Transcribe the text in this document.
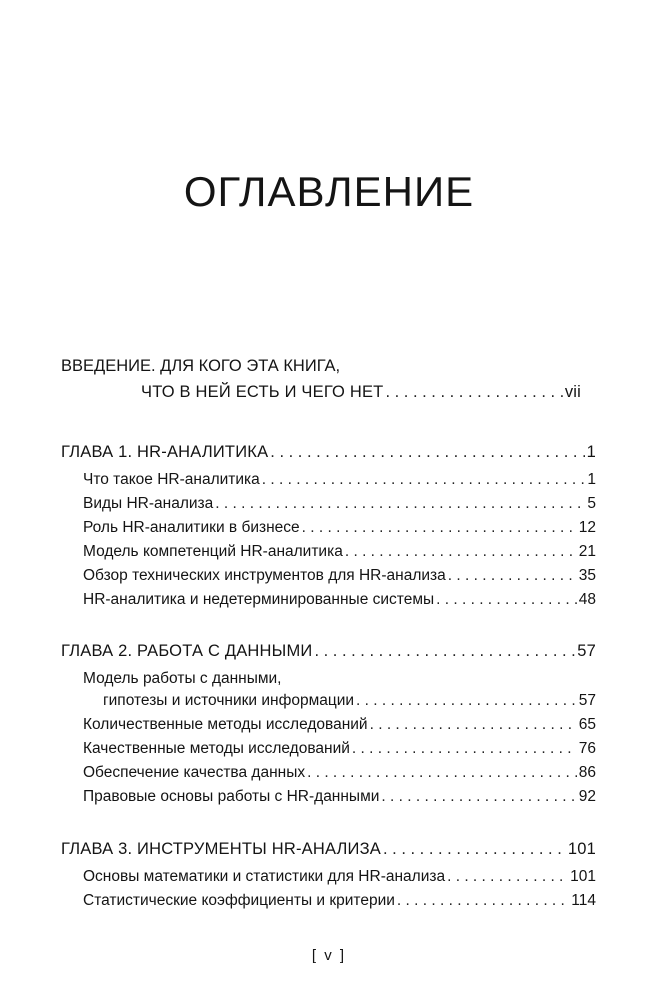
ОГЛАВЛЕНИЕ
ВВЕДЕНИЕ. ДЛЯ КОГО ЭТА КНИГА,
ЧТО В НЕЙ ЕСТЬ И ЧЕГО НЕТ . . .	vii
ГЛАВА 1. HR-АНАЛИТИКА . . .	1
Что такое HR-аналитика . . .	1
Виды HR-анализа . . .	5
Роль HR-аналитики в бизнесе . . .	12
Модель компетенций HR-аналитика . . .	21
Обзор технических инструментов для HR-анализа . . .	35
HR-аналитика и недетерминированные системы . . .	48
ГЛАВА 2. РАБОТА С ДАННЫМИ . . .	57
Модель работы с данными,
гипотезы и источники информации . . .	57
Количественные методы исследований . . .	65
Качественные методы исследований . . .	76
Обеспечение качества данных . . .	86
Правовые основы работы с HR-данными . . .	92
ГЛАВА 3. ИНСТРУМЕНТЫ HR-АНАЛИЗА . . .	101
Основы математики и статистики для HR-анализа . . .	101
Статистические коэффициенты и критерии . . .	114
[ v ]
